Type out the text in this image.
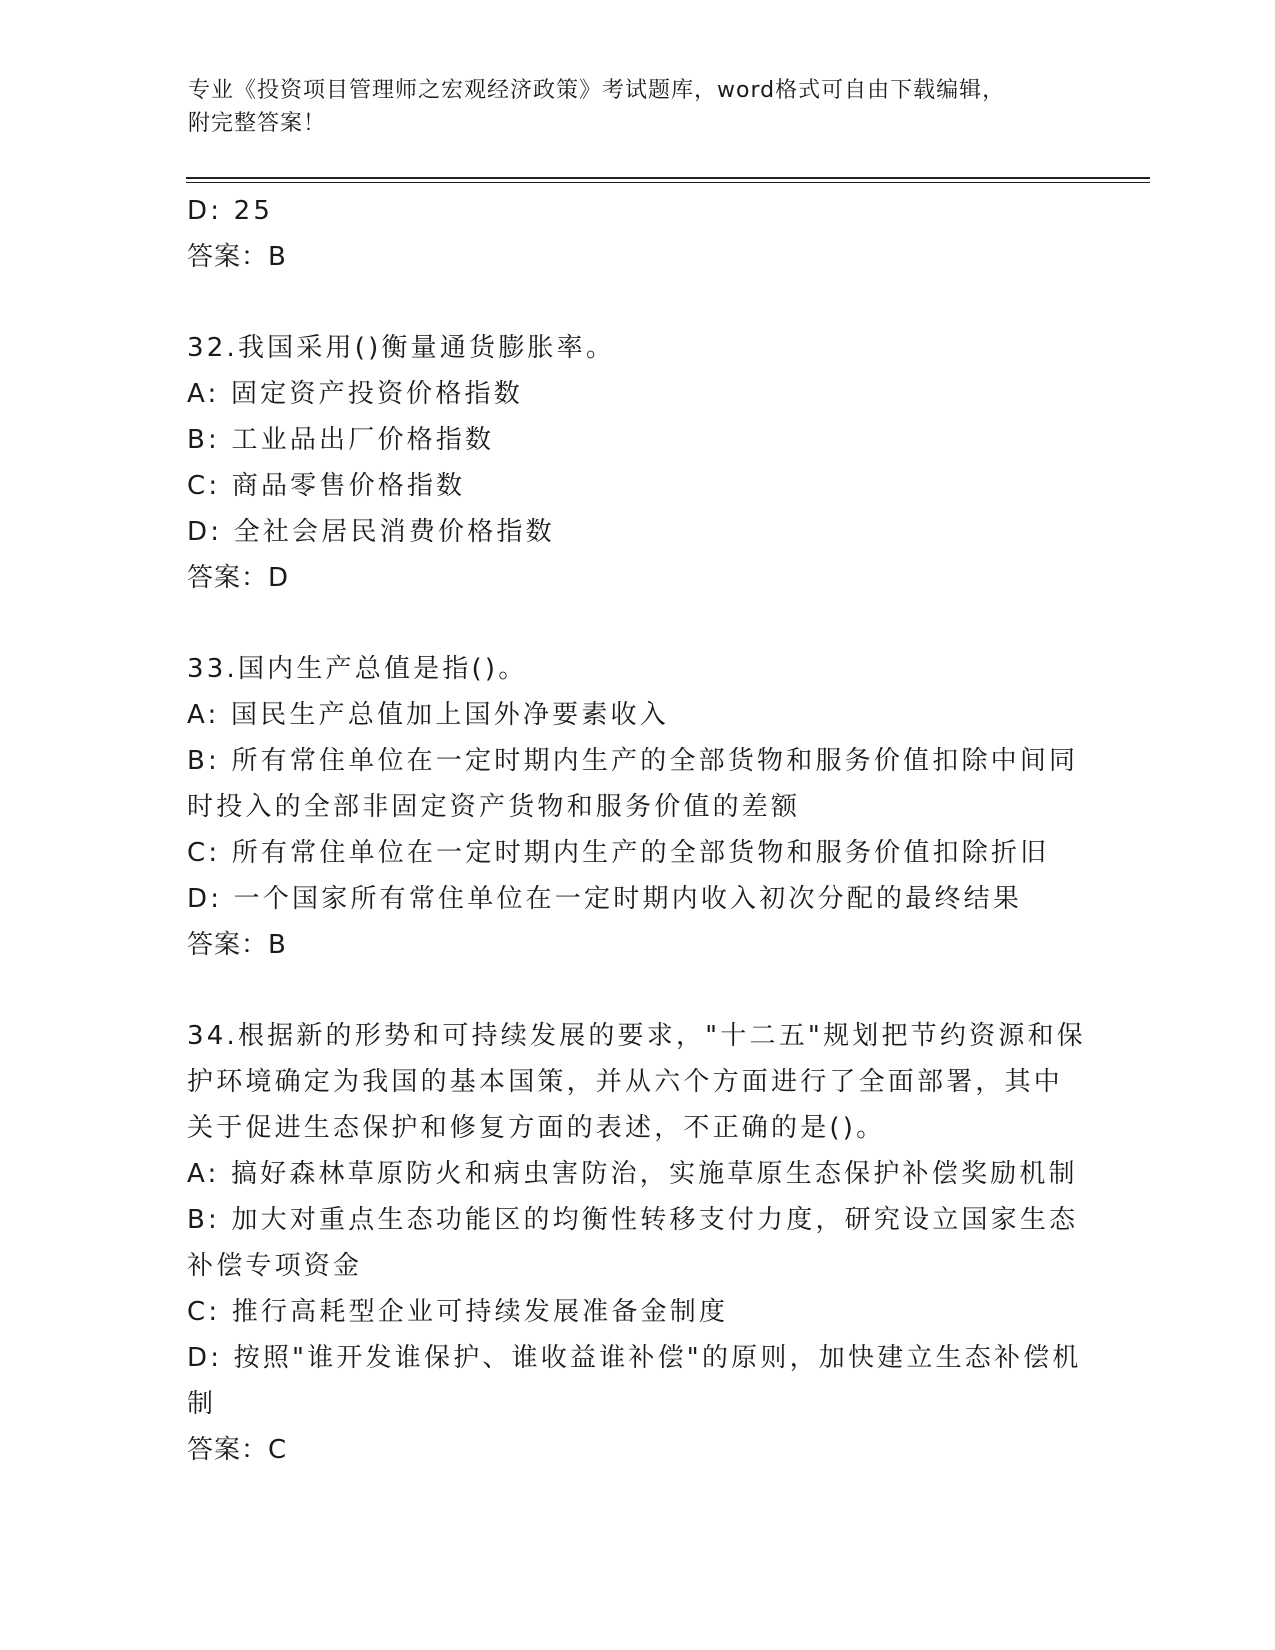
专业《投资项目管理师之宏观经济政策》考试题库，word格式可自由下载编辑，
附完整答案！
D: 25
答案：B
32.我国采用()衡量通货膨胀率。
A: 固定资产投资价格指数
B: 工业品出厂价格指数
C: 商品零售价格指数
D: 全社会居民消费价格指数
答案：D
33.国内生产总值是指()。
A: 国民生产总值加上国外净要素收入
B: 所有常住单位在一定时期内生产的全部货物和服务价值扣除中间同时投入的全部非固定资产货物和服务价值的差额
C: 所有常住单位在一定时期内生产的全部货物和服务价值扣除折旧
D: 一个国家所有常住单位在一定时期内收入初次分配的最终结果
答案：B
34.根据新的形势和可持续发展的要求，"十二五"规划把节约资源和保护环境确定为我国的基本国策，并从六个方面进行了全面部署，其中关于促进生态保护和修复方面的表述，不正确的是()。
A: 搞好森林草原防火和病虫害防治，实施草原生态保护补偿奖励机制
B: 加大对重点生态功能区的均衡性转移支付力度，研究设立国家生态补偿专项资金
C: 推行高耗型企业可持续发展准备金制度
D: 按照"谁开发谁保护、谁收益谁补偿"的原则，加快建立生态补偿机制
答案：C
